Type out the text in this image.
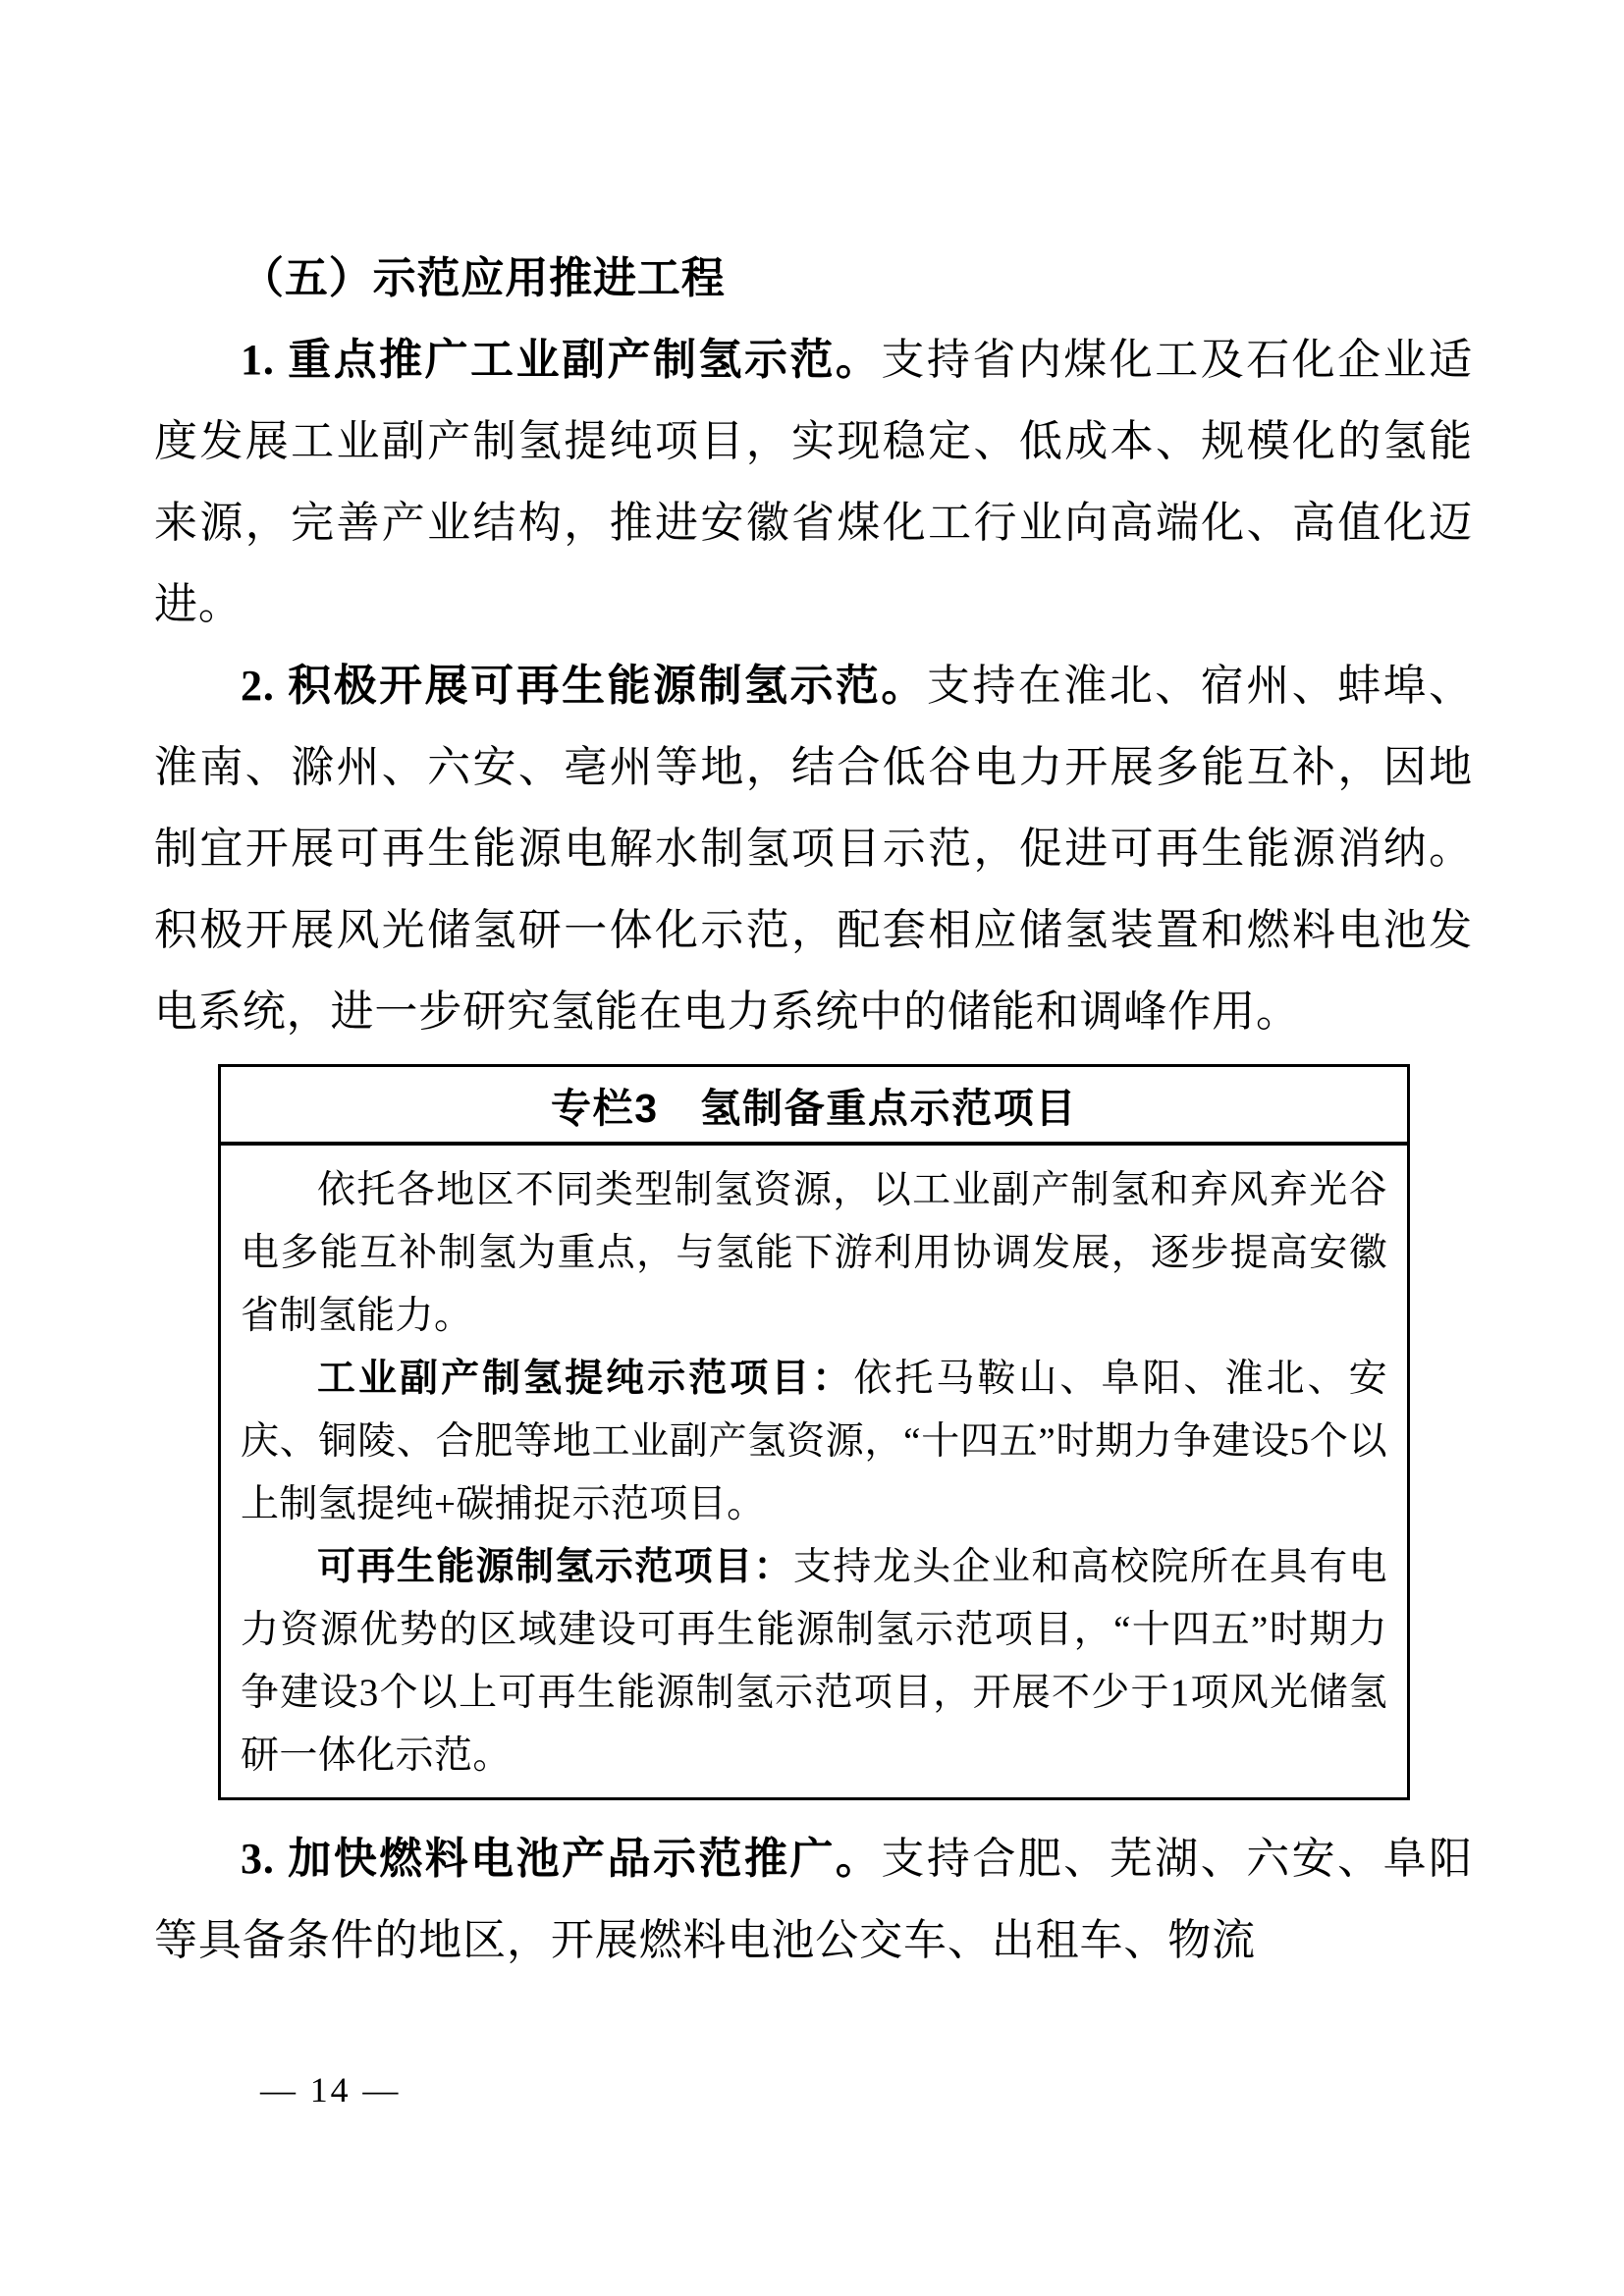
（五）示范应用推进工程

1. 重点推广工业副产制氢示范。支持省内煤化工及石化企业适度发展工业副产制氢提纯项目，实现稳定、低成本、规模化的氢能来源，完善产业结构，推进安徽省煤化工行业向高端化、高值化迈进。

2. 积极开展可再生能源制氢示范。支持在淮北、宿州、蚌埠、淮南、滁州、六安、亳州等地，结合低谷电力开展多能互补，因地制宜开展可再生能源电解水制氢项目示范，促进可再生能源消纳。积极开展风光储氢研一体化示范，配套相应储氢装置和燃料电池发电系统，进一步研究氢能在电力系统中的储能和调峰作用。

专栏3　氢制备重点示范项目

依托各地区不同类型制氢资源，以工业副产制氢和弃风弃光谷电多能互补制氢为重点，与氢能下游利用协调发展，逐步提高安徽省制氢能力。

工业副产制氢提纯示范项目：依托马鞍山、阜阳、淮北、安庆、铜陵、合肥等地工业副产氢资源，“十四五”时期力争建设5个以上制氢提纯+碳捕捉示范项目。

可再生能源制氢示范项目：支持龙头企业和高校院所在具有电力资源优势的区域建设可再生能源制氢示范项目，“十四五”时期力争建设3个以上可再生能源制氢示范项目，开展不少于1项风光储氢研一体化示范。

3. 加快燃料电池产品示范推广。支持合肥、芜湖、六安、阜阳等具备条件的地区，开展燃料电池公交车、出租车、物流

— 14 —
